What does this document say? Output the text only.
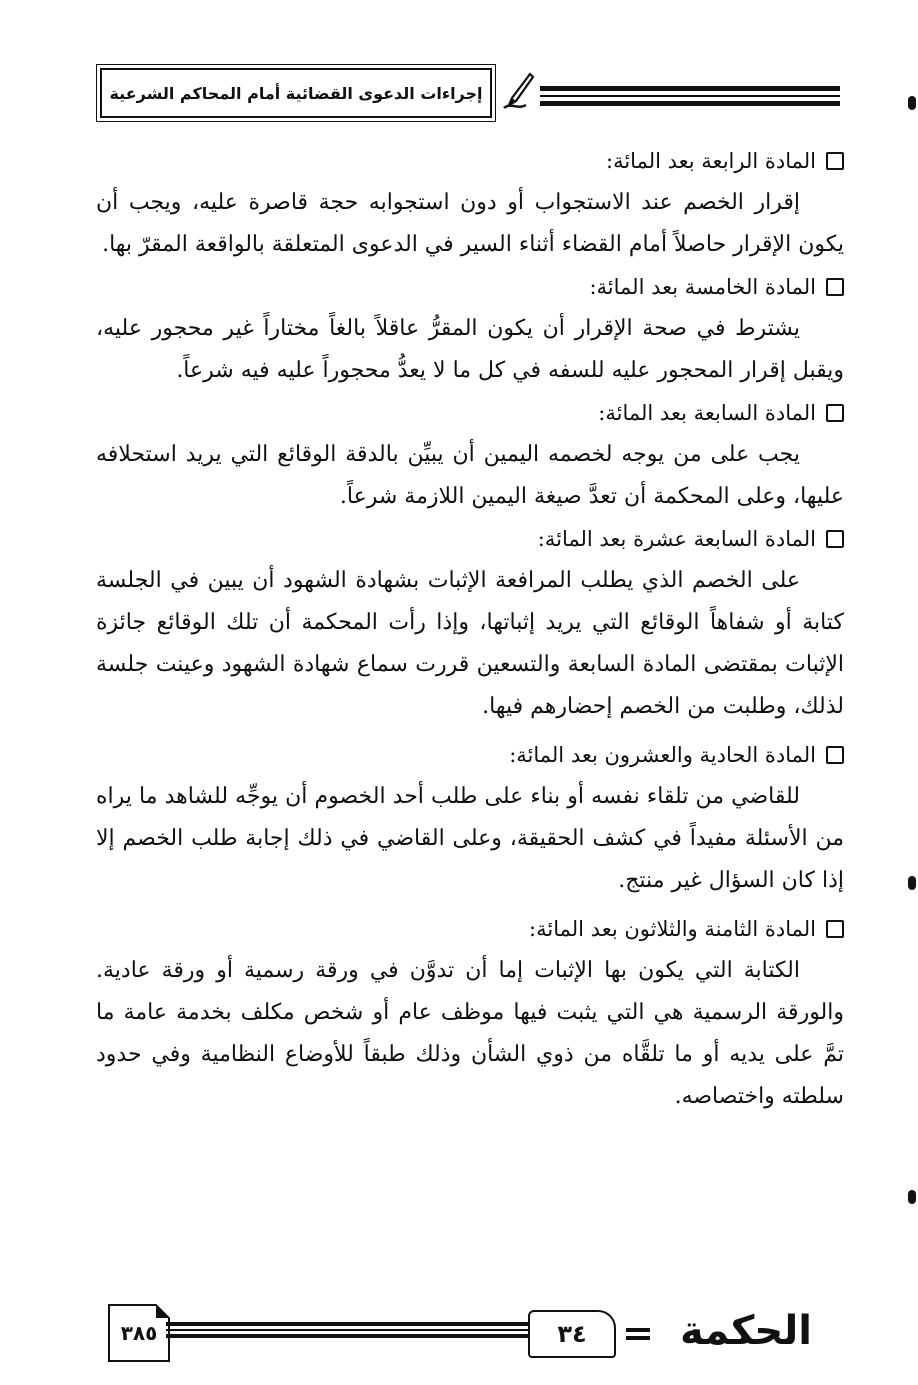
إجراءات الدعوى القضائية أمام المحاكم الشرعية
المادة الرابعة بعد المائة:

إقرار الخصم عند الاستجواب أو دون استجوابه حجة قاصرة عليه، ويجب أن يكون الإقرار حاصلاً أمام القضاء أثناء السير في الدعوى المتعلقة بالواقعة المقرّ بها.

المادة الخامسة بعد المائة:

يشترط في صحة الإقرار أن يكون المقرُّ عاقلاً بالغاً مختاراً غير محجور عليه، ويقبل إقرار المحجور عليه للسفه في كل ما لا يعدُّ محجوراً عليه فيه شرعاً.

المادة السابعة بعد المائة:

يجب على من يوجه لخصمه اليمين أن يبيِّن بالدقة الوقائع التي يريد استحلافه عليها، وعلى المحكمة أن تعدَّ صيغة اليمين اللازمة شرعاً.

المادة السابعة عشرة بعد المائة:

على الخصم الذي يطلب المرافعة الإثبات بشهادة الشهود أن يبين في الجلسة كتابة أو شفاهاً الوقائع التي يريد إثباتها، وإذا رأت المحكمة أن تلك الوقائع جائزة الإثبات بمقتضى المادة السابعة والتسعين قررت سماع شهادة الشهود وعينت جلسة لذلك، وطلبت من الخصم إحضارهم فيها.

المادة الحادية والعشرون بعد المائة:

للقاضي من تلقاء نفسه أو بناء على طلب أحد الخصوم أن يوجِّه للشاهد ما يراه من الأسئلة مفيداً في كشف الحقيقة، وعلى القاضي في ذلك إجابة طلب الخصم إلا إذا كان السؤال غير منتج.

المادة الثامنة والثلاثون بعد المائة:

الكتابة التي يكون بها الإثبات إما أن تدوَّن في ورقة رسمية أو ورقة عادية. والورقة الرسمية هي التي يثبت فيها موظف عام أو شخص مكلف بخدمة عامة ما تمَّ على يديه أو ما تلقَّاه من ذوي الشأن وذلك طبقاً للأوضاع النظامية وفي حدود سلطته واختصاصه.

٣٨٥	٣٤	الحكمة
